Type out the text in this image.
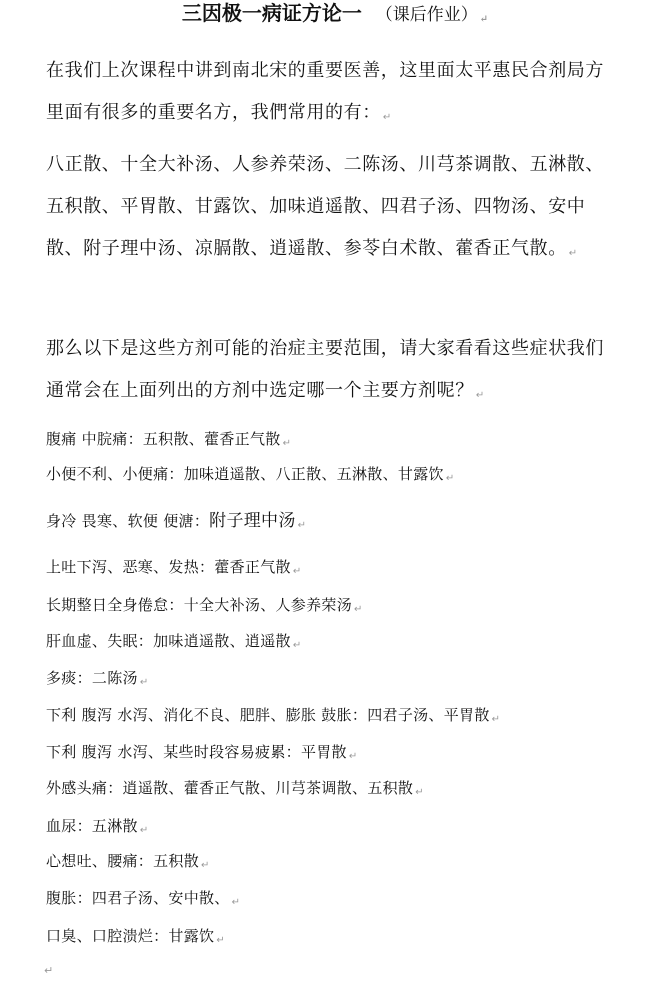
三因极一病证方论一 （课后作业） ↵

在我们上次课程中讲到南北宋的重要医善，这里面太平惠民合剂局方里面有很多的重要名方，我們常用的有： ↵

八正散、十全大补汤、人参养荣汤、二陈汤、川芎茶调散、五淋散、五积散、平胃散、甘露饮、加味逍遥散、四君子汤、四物汤、安中散、附子理中汤、凉膈散、逍遥散、参苓白术散、藿香正气散。 ↵

那么以下是这些方剂可能的治症主要范围，请大家看看这些症状我们通常会在上面列出的方剂中选定哪一个主要方剂呢？ ↵

腹痛 中脘痛：五积散、藿香正气散 ↵
小便不利、小便痛：加味逍遥散、八正散、五淋散、甘露饮 ↵
身冷 畏寒、软便 便溏：附子理中汤 ↵
上吐下泻、恶寒、发热：藿香正气散 ↵
长期整日全身倦怠：十全大补汤、人参养荣汤 ↵
肝血虚、失眠：加味逍遥散、逍遥散 ↵
多痰：二陈汤 ↵
下利 腹泻 水泻、消化不良、肥胖、膨胀 鼓胀：四君子汤、平胃散 ↵
下利 腹泻 水泻、某些时段容易疲累：平胃散 ↵
外感头痛：逍遥散、藿香正气散、川芎茶调散、五积散 ↵
血尿：五淋散 ↵
心想吐、腰痛：五积散 ↵
腹胀：四君子汤、安中散、 ↵
口臭、口腔溃烂：甘露饮 ↵
↵
